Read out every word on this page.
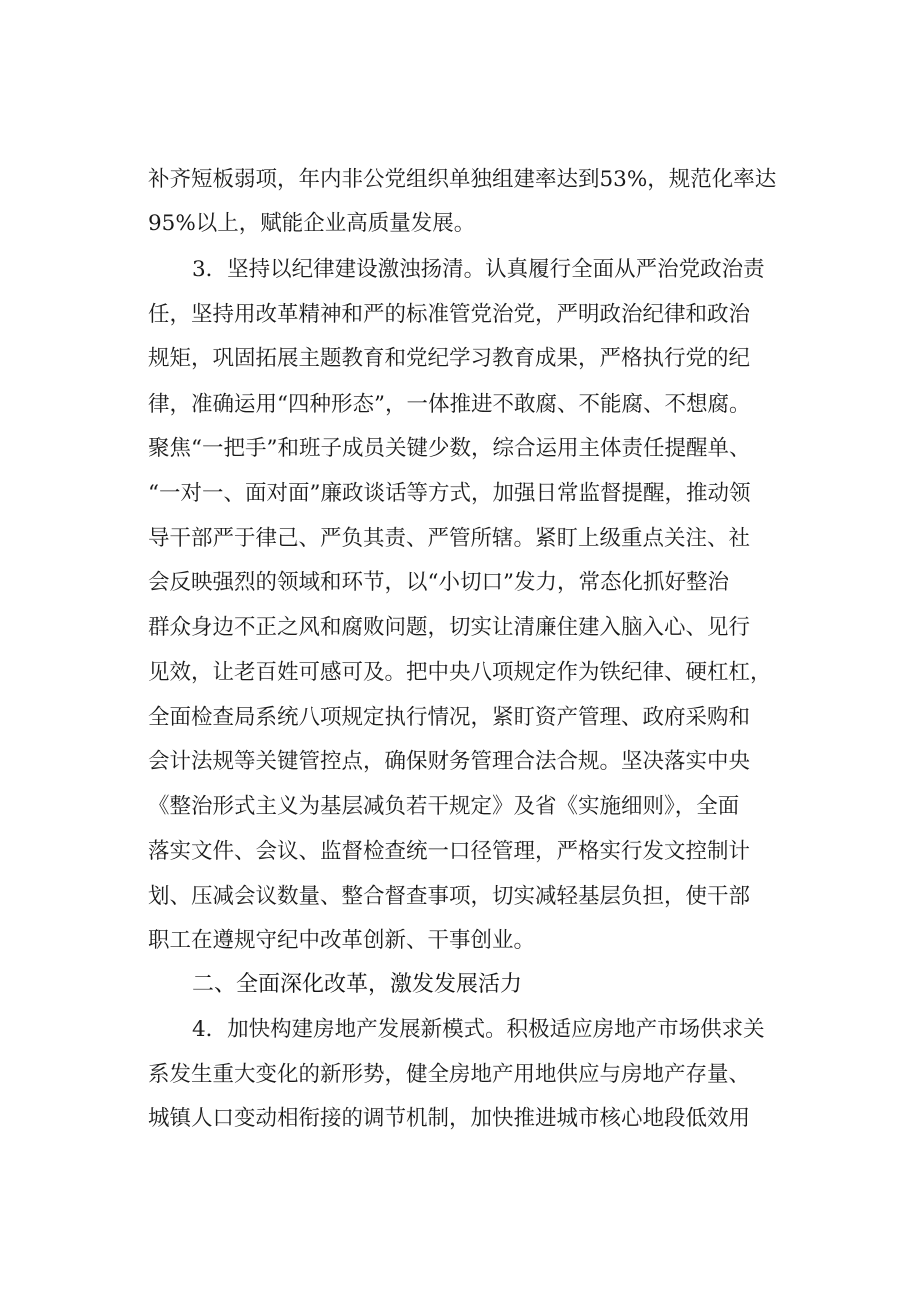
补齐短板弱项，年内非公党组织单独组建率达到53%，规范化率达
95%以上，赋能企业高质量发展。
3．坚持以纪律建设激浊扬清。认真履行全面从严治党政治责
任，坚持用改革精神和严的标准管党治党，严明政治纪律和政治
规矩，巩固拓展主题教育和党纪学习教育成果，严格执行党的纪
律，准确运用“四种形态”，一体推进不敢腐、不能腐、不想腐。
聚焦“一把手”和班子成员关键少数，综合运用主体责任提醒单、
“一对一、面对面”廉政谈话等方式，加强日常监督提醒，推动领
导干部严于律己、严负其责、严管所辖。紧盯上级重点关注、社
会反映强烈的领域和环节，以“小切口”发力，常态化抓好整治
群众身边不正之风和腐败问题，切实让清廉住建入脑入心、见行
见效，让老百姓可感可及。把中央八项规定作为铁纪律、硬杠杠，
全面检查局系统八项规定执行情况，紧盯资产管理、政府采购和
会计法规等关键管控点，确保财务管理合法合规。坚决落实中央
《整治形式主义为基层减负若干规定》及省《实施细则》，全面
落实文件、会议、监督检查统一口径管理，严格实行发文控制计
划、压减会议数量、整合督查事项，切实减轻基层负担，使干部
职工在遵规守纪中改革创新、干事创业。
二、全面深化改革，激发发展活力
4．加快构建房地产发展新模式。积极适应房地产市场供求关
系发生重大变化的新形势，健全房地产用地供应与房地产存量、
城镇人口变动相衔接的调节机制，加快推进城市核心地段低效用
